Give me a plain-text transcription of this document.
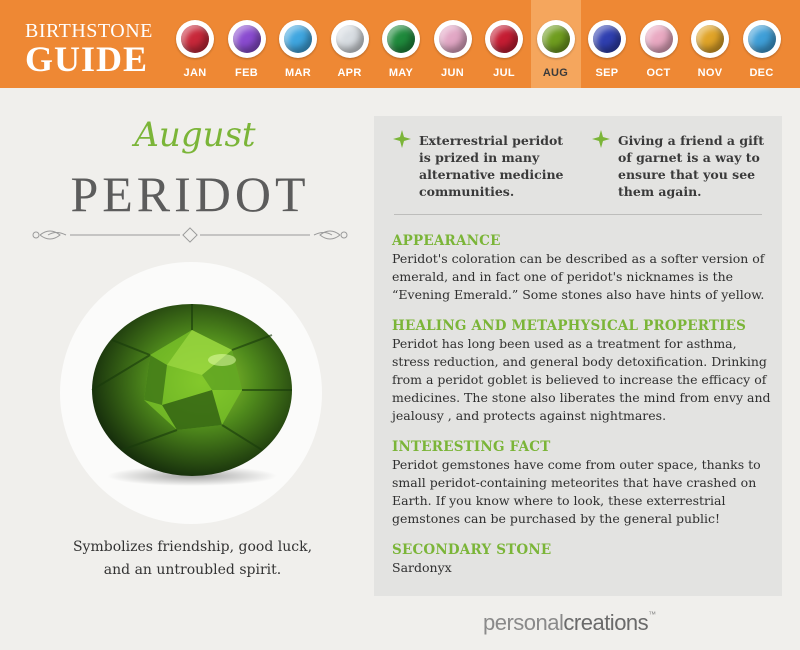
BIRTHSTONE
GUIDE	JAN	FEB	MAR	APR	MAY	JUN	JUL	AUG	SEP	OCT	NOV	DEC
August
PERIDOT
Symbolizes friendship, good luck, and an untroubled spirit.
Exterrestrial peridot is prized in many alternative medicine communities.
Giving a friend a gift of garnet is a way to ensure that you see them again.
APPEARANCE
Peridot's coloration can be described as a softer version of emerald, and in fact one of peridot's nicknames is the “Evening Emerald.” Some stones also have hints of yellow.
HEALING AND METAPHYSICAL PROPERTIES
Peridot has long been used as a treatment for asthma, stress reduction, and general body detoxification. Drinking from a peridot goblet is believed to increase the efficacy of medicines. The stone also liberates the mind from envy and jealousy , and protects against nightmares.
INTERESTING FACT
Peridot gemstones have come from outer space, thanks to small peridot-containing meteorites that have crashed on Earth. If you know where to look, these exterrestrial gemstones can be purchased by the general public!
SECONDARY STONE
Sardonyx
personalcreations™
